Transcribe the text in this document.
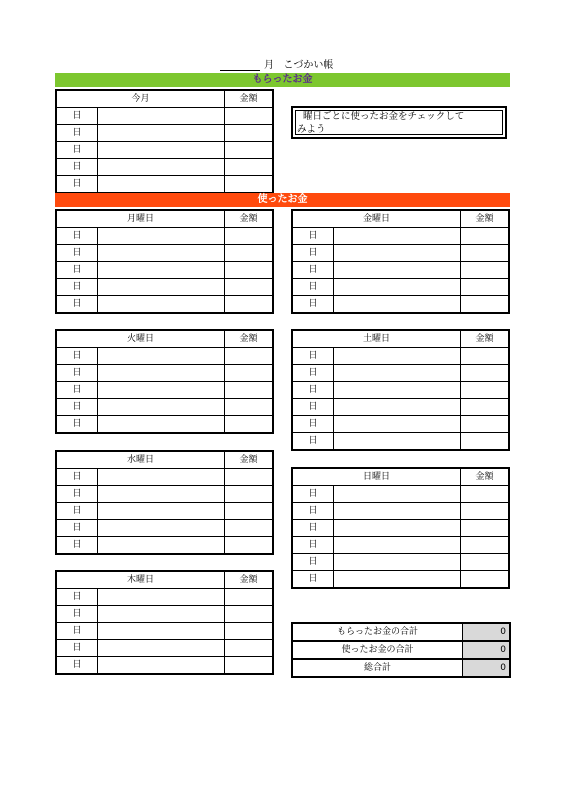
月 こづかい帳
もらったお金
今月		金額
日		
日		
日		
日		
日		
曜日ごとに使ったお金をチェックして
みよう
使ったお金
月曜日		金額
日		
日		
日		
日		
日		
金曜日		金額
日		
日		
日		
日		
日		
火曜日		金額
日		
日		
日		
日		
日		
土曜日		金額
日		
日		
日		
日		
日		
日		
水曜日		金額
日		
日		
日		
日		
日		
日曜日		金額
日		
日		
日		
日		
日		
日		
木曜日		金額
日		
日		
日		
日		
日		
もらったお金の合計	0
使ったお金の合計	0
総合計	0
